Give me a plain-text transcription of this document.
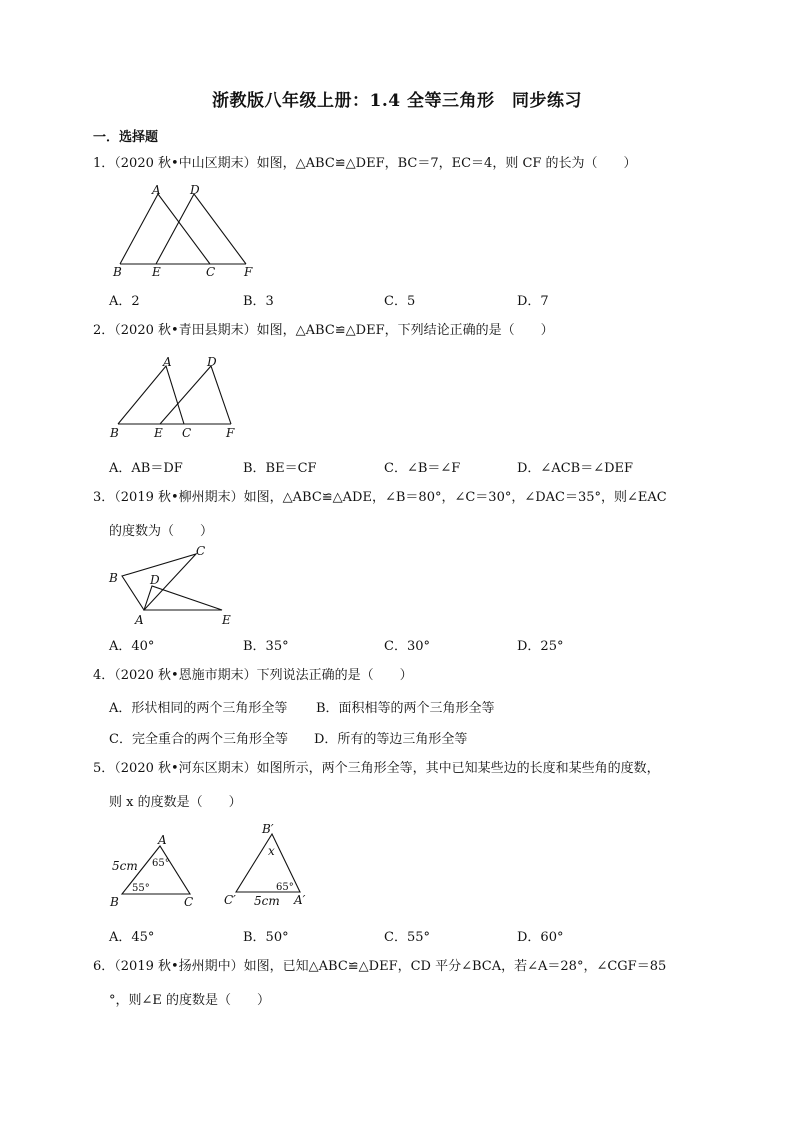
浙教版八年级上册：1.4 全等三角形　同步练习
一．选择题
1．（2020 秋•中山区期末）如图，△ABC≌△DEF，BC＝7，EC＝4，则 CF 的长为（　　）
A D
B	E	C F
A．2	B．3	C．5	D．7
2．（2020 秋•青田县期末）如图，△ABC≌△DEF，下列结论正确的是（　　）
A	D
B	E C	F
A．AB＝DF	B．BE＝CF	C．∠B＝∠F	D．∠ACB＝∠DEF
3．（2019 秋•柳州期末）如图，△ABC≌△ADE，∠B＝80°，∠C＝30°，∠DAC＝35°，则∠EAC
的度数为（　　）
B
C
D
A	E
A．40°	B．35°	C．30°	D．25°
4．（2020 秋•恩施市期末）下列说法正确的是（　　）
A．形状相同的两个三角形全等 B．面积相等的两个三角形全等
C．完全重合的两个三角形全等 D．所有的等边三角形全等
5．（2020 秋•河东区期末）如图所示，两个三角形全等，其中已知某些边的长度和某些角的度数，
则 x 的度数是（　　）
A
B	C
5cm 65°
55°
B′
C′	A′
5cm
x
65°
A．45°	B．50°	C．55°	D．60°
6．（2019 秋•扬州期中）如图，已知△ABC≌△DEF，CD 平分∠BCA，若∠A＝28°，∠CGF＝85
°，则∠E 的度数是（　　）
